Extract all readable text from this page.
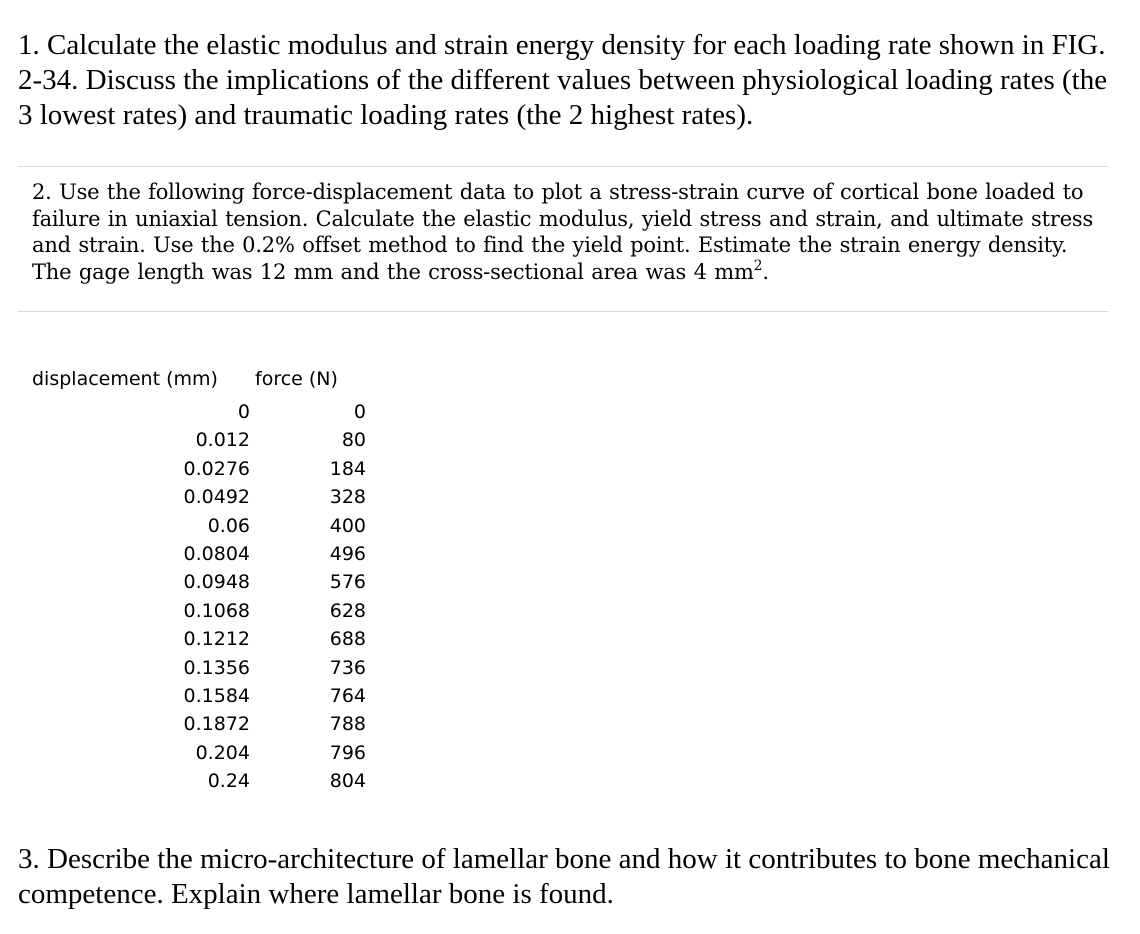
1. Calculate the elastic modulus and strain energy density for each loading rate shown in FIG. 2-34. Discuss the implications of the different values between physiological loading rates (the 3 lowest rates) and traumatic loading rates (the 2 highest rates).

2. Use the following force-displacement data to plot a stress-strain curve of cortical bone loaded to failure in uniaxial tension. Calculate the elastic modulus, yield stress and strain, and ultimate stress and strain. Use the 0.2% offset method to find the yield point. Estimate the strain energy density. The gage length was 12 mm and the cross-sectional area was 4 $mm^2$.

displacement (mm) force (N)
0
0.012
0.0276
0.0492
0.06
0.0804
0.0948
0.1068
0.1212
0.1356
0.1584
0.1872
0.204
0.24
0
80
184
328
400
496
576
628
688
736
764
788
796
804

3. Describe the micro-architecture of lamellar bone and how it contributes to bone mechanical competence. Explain where lamellar bone is found.
